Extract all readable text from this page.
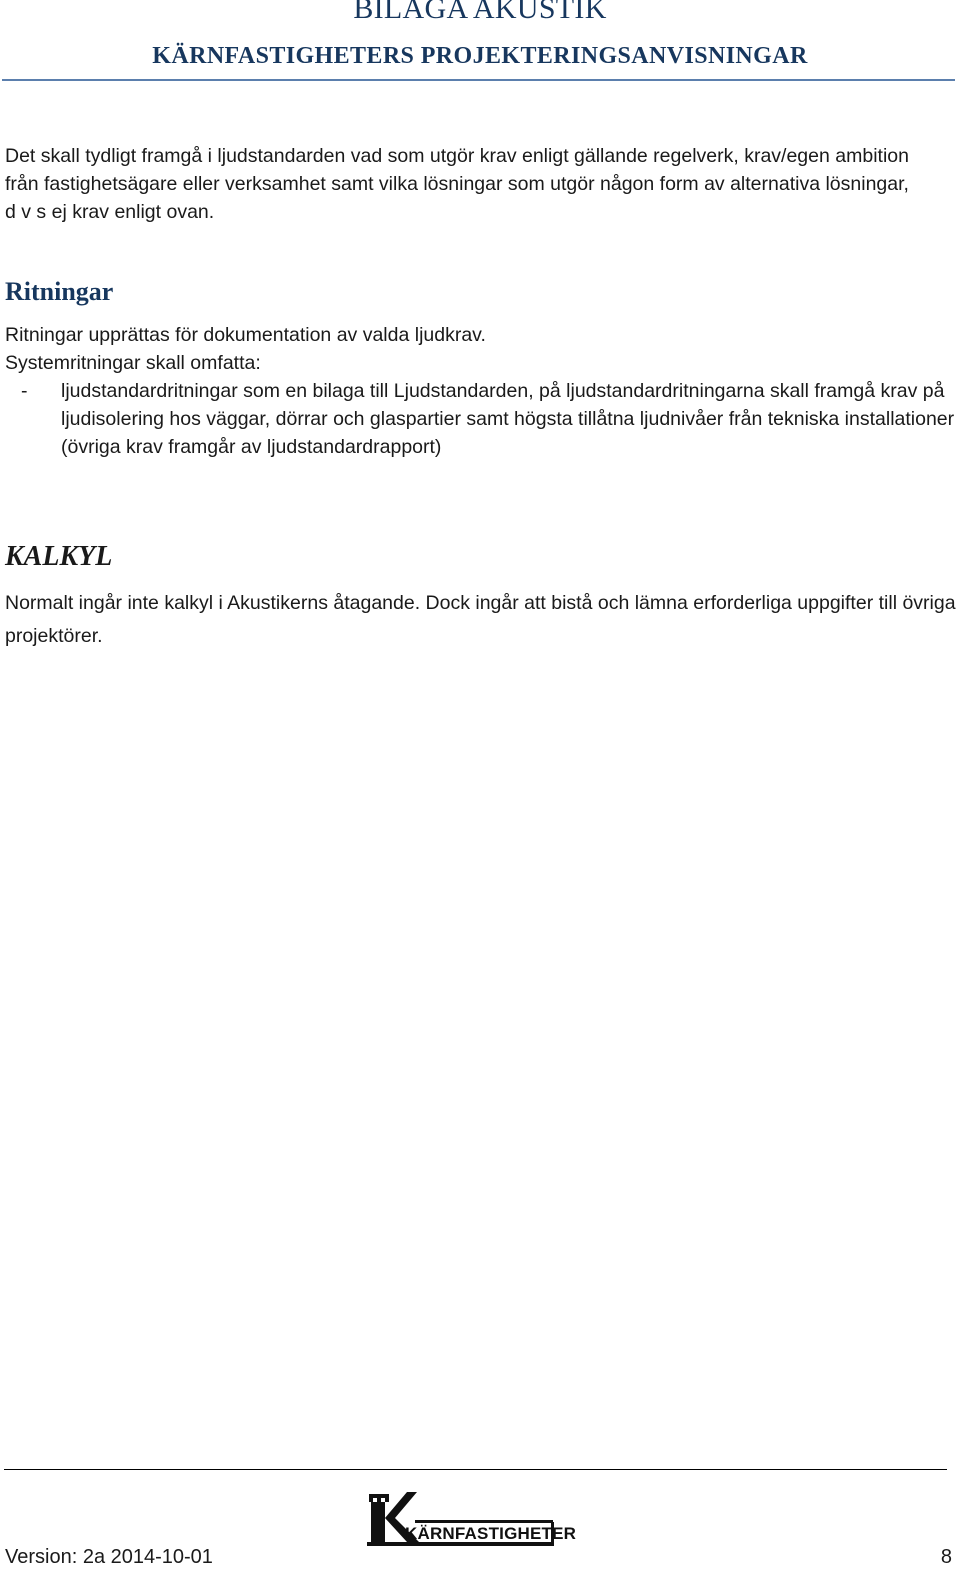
BILAGA AKUSTIK
KÄRNFASTIGHETERS PROJEKTERINGSANVISNINGAR

Det skall tydligt framgå i ljudstandarden vad som utgör krav enligt gällande regelverk, krav/egen ambition från fastighetsägare eller verksamhet samt vilka lösningar som utgör någon form av alternativa lösningar, d v s ej krav enligt ovan.

Ritningar
Ritningar upprättas för dokumentation av valda ljudkrav.
Systemritningar skall omfatta:
- ljudstandardritningar som en bilaga till Ljudstandarden, på ljudstandardritningarna skall framgå krav på ljudisolering hos väggar, dörrar och glaspartier samt högsta tillåtna ljudnivåer från tekniska installationer (övriga krav framgår av ljudstandardrapport)
KALKYL

Normalt ingår inte kalkyl i Akustikerns åtagande. Dock ingår att bistå och lämna erforderliga uppgifter till övriga projektörer.

KÄRNFASTIGHETER
Version: 2a 2014-10-01	8
